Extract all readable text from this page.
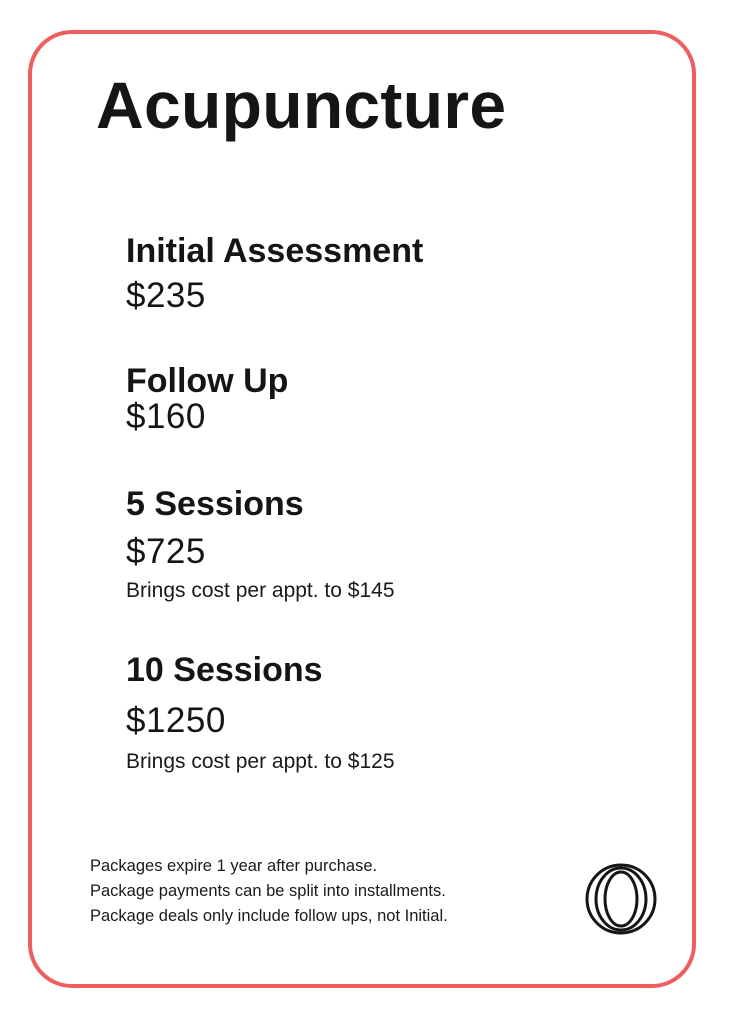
Acupuncture

Initial Assessment

$235

Follow Up

$160

5 Sessions

$725

Brings cost per appt. to $145

10 Sessions

$1250

Brings cost per appt. to $125

Packages expire 1 year after purchase.

Package payments can be split into installments.

Package deals only include follow ups, not Initial.
